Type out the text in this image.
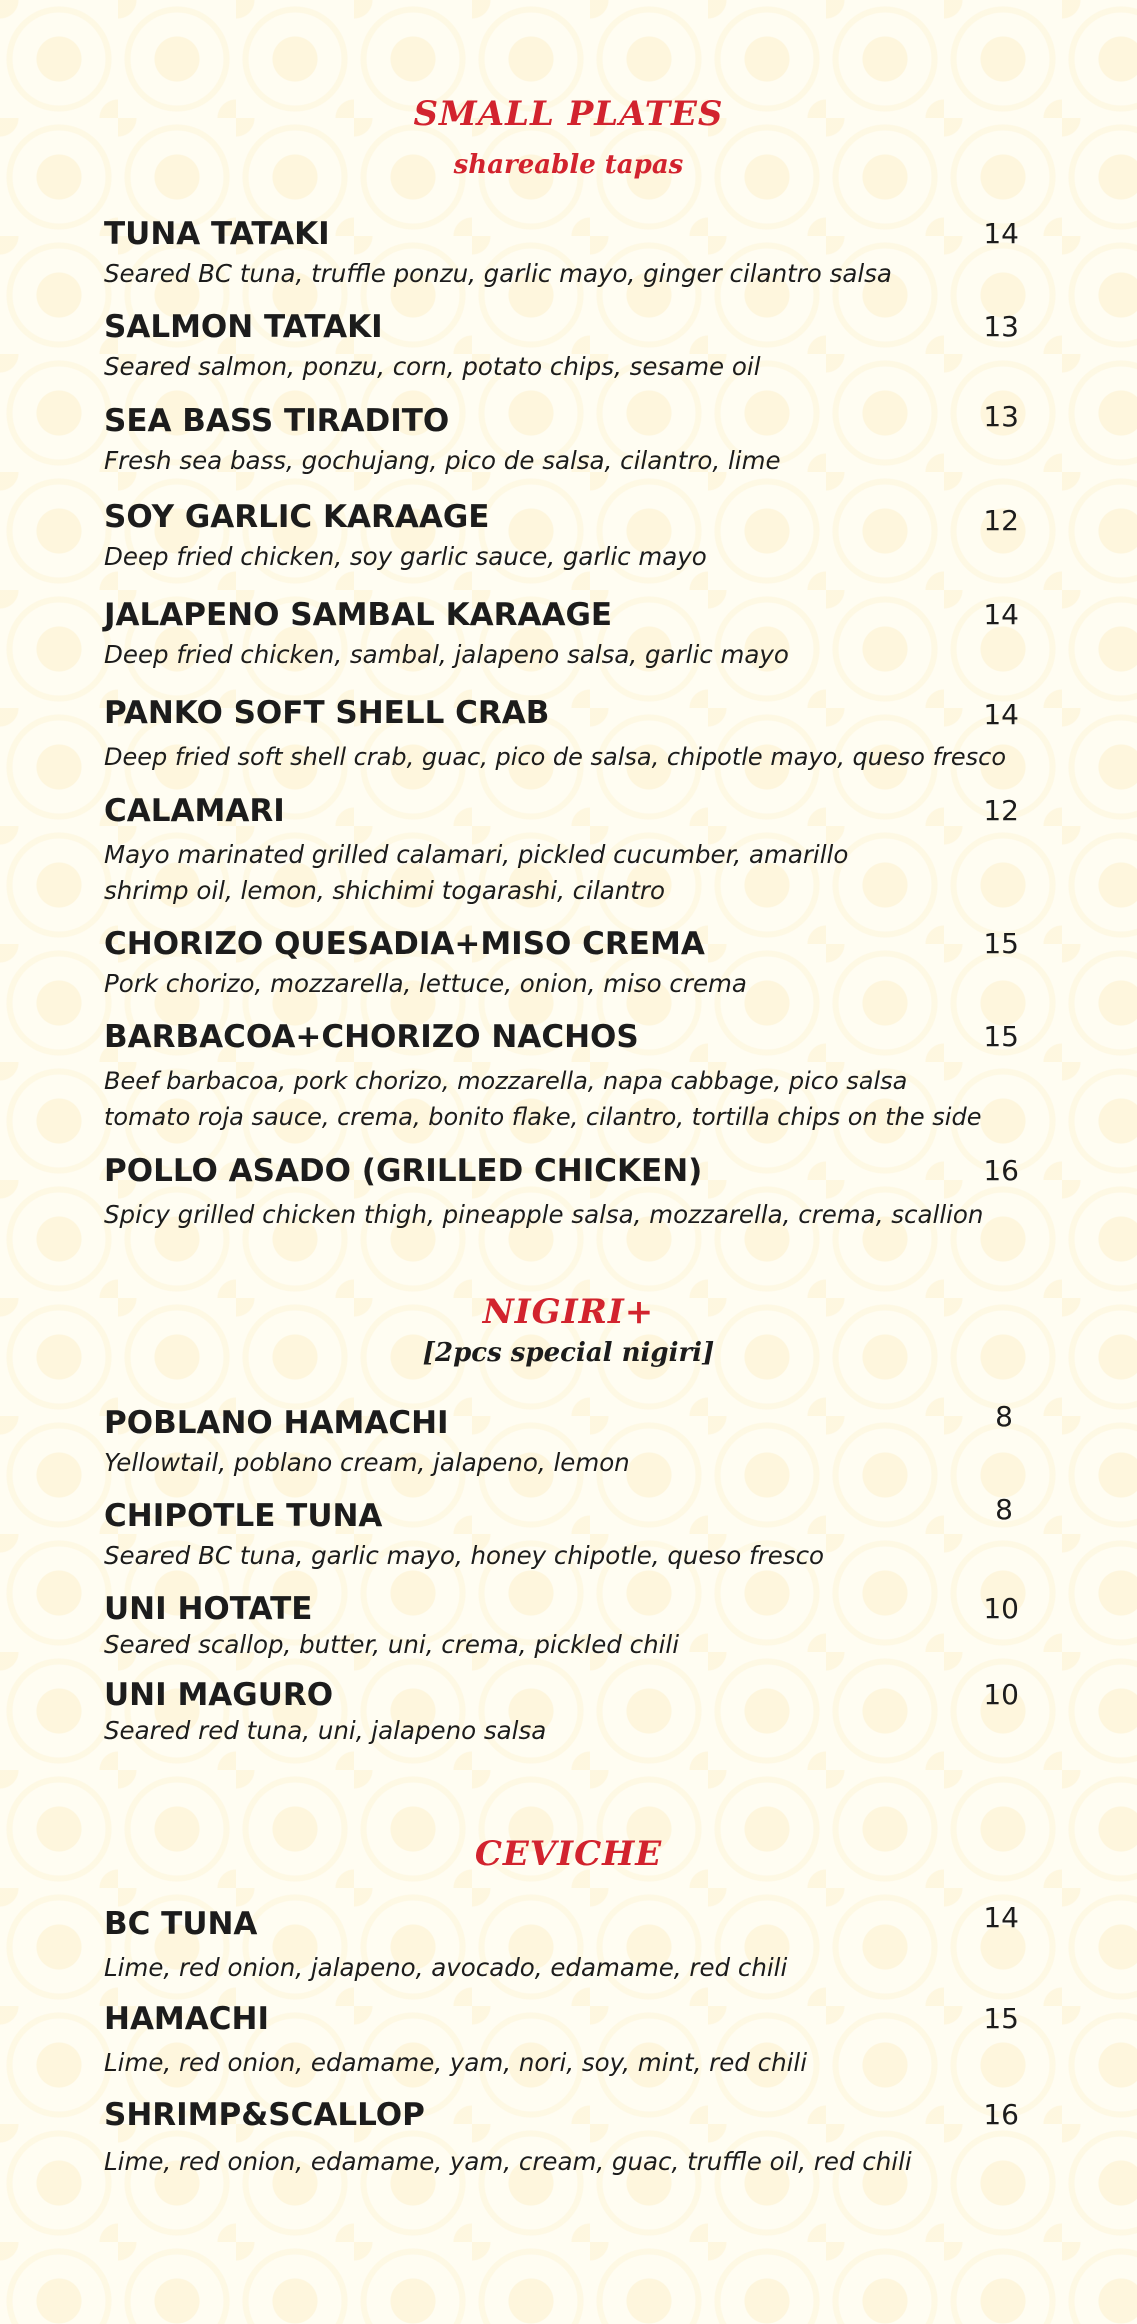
SMALL PLATES
shareable tapas
TUNA TATAKI	14
Seared BC tuna, truffle ponzu, garlic mayo, ginger cilantro salsa
SALMON TATAKI	13
Seared salmon, ponzu, corn, potato chips, sesame oil
SEA BASS TIRADITO	13
Fresh sea bass, gochujang, pico de salsa, cilantro, lime
SOY GARLIC KARAAGE	12
Deep fried chicken, soy garlic sauce, garlic mayo
JALAPENO SAMBAL KARAAGE	14
Deep fried chicken, sambal, jalapeno salsa, garlic mayo
PANKO SOFT SHELL CRAB	14
Deep fried soft shell crab, guac, pico de salsa, chipotle mayo, queso fresco
CALAMARI	12
Mayo marinated grilled calamari, pickled cucumber, amarillo
shrimp oil, lemon, shichimi togarashi, cilantro
CHORIZO QUESADIA+MISO CREMA	15
Pork chorizo, mozzarella, lettuce, onion, miso crema
BARBACOA+CHORIZO NACHOS	15
Beef barbacoa, pork chorizo, mozzarella, napa cabbage, pico salsa
tomato roja sauce, crema, bonito flake, cilantro, tortilla chips on the side
POLLO ASADO (GRILLED CHICKEN)	16
Spicy grilled chicken thigh, pineapple salsa, mozzarella, crema, scallion
NIGIRI+
[2pcs special nigiri]
POBLANO HAMACHI	8
Yellowtail, poblano cream, jalapeno, lemon
CHIPOTLE TUNA	8
Seared BC tuna, garlic mayo, honey chipotle, queso fresco
UNI HOTATE	10
Seared scallop, butter, uni, crema, pickled chili
UNI MAGURO	10
Seared red tuna, uni, jalapeno salsa
CEVICHE
BC TUNA	14
Lime, red onion, jalapeno, avocado, edamame, red chili
HAMACHI	15
Lime, red onion, edamame, yam, nori, soy, mint, red chili
SHRIMP&SCALLOP	16
Lime, red onion, edamame, yam, cream, guac, truffle oil, red chili
